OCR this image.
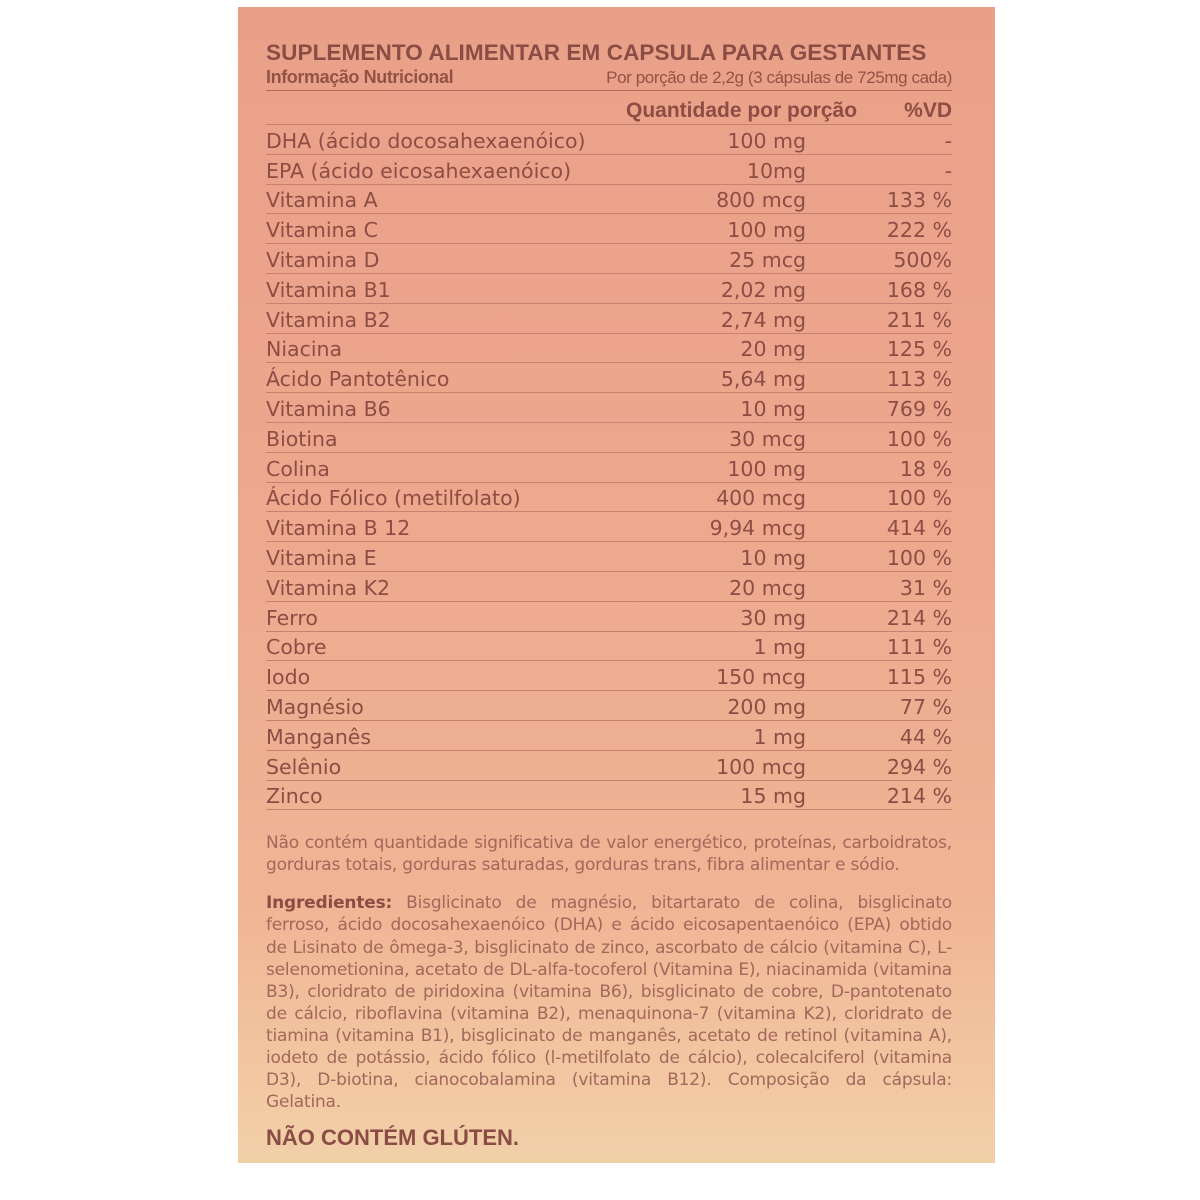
SUPLEMENTO ALIMENTAR EM CAPSULA PARA GESTANTES
Informação Nutricional	Por porção de 2,2g (3 cápsulas de 725mg cada)
Quantidade por porção	%VD
DHA (ácido docosahexaenóico)	100 mg	-
EPA (ácido eicosahexaenóico)	10mg	-
Vitamina A	800 mcg	133 %
Vitamina C	100 mg	222 %
Vitamina D	25 mcg	500%
Vitamina B1	2,02 mg	168 %
Vitamina B2	2,74 mg	211 %
Niacina	20 mg	125 %
Ácido Pantotênico	5,64 mg	113 %
Vitamina B6	10 mg	769 %
Biotina	30 mcg	100 %
Colina	100 mg	18 %
Ácido Fólico (metilfolato)	400 mcg	100 %
Vitamina B 12	9,94 mcg	414 %
Vitamina E	10 mg	100 %
Vitamina K2	20 mcg	31 %
Ferro	30 mg	214 %
Cobre	1 mg	111 %
Iodo	150 mcg	115 %
Magnésio	200 mg	77 %
Manganês	1 mg	44 %
Selênio	100 mcg	294 %
Zinco	15 mg	214 %
Não contém quantidade significativa de valor energético, proteínas, carboidratos, gorduras totais, gorduras saturadas, gorduras trans, fibra alimentar e sódio.
Ingredientes: Bisglicinato de magnésio, bitartarato de colina, bisglicinato ferroso, ácido docosahexaenóico (DHA) e ácido eicosapentaenóico (EPA) obtido de Lisinato de ômega-3, bisglicinato de zinco, ascorbato de cálcio (vitamina C), L-selenometionina, acetato de DL-alfa-tocoferol (Vitamina E), niacinamida (vitamina B3), cloridrato de piridoxina (vitamina B6), bisglicinato de cobre, D-pantotenato de cálcio, riboflavina (vitamina B2), menaquinona-7 (vitamina K2), cloridrato de tiamina (vitamina B1), bisglicinato de manganês, acetato de retinol (vitamina A), iodeto de potássio, ácido fólico (l-metilfolato de cálcio), colecalciferol (vitamina D3), D-biotina, cianocobalamina (vitamina B12). Composição da cápsula: Gelatina.
NÃO CONTÉM GLÚTEN.
